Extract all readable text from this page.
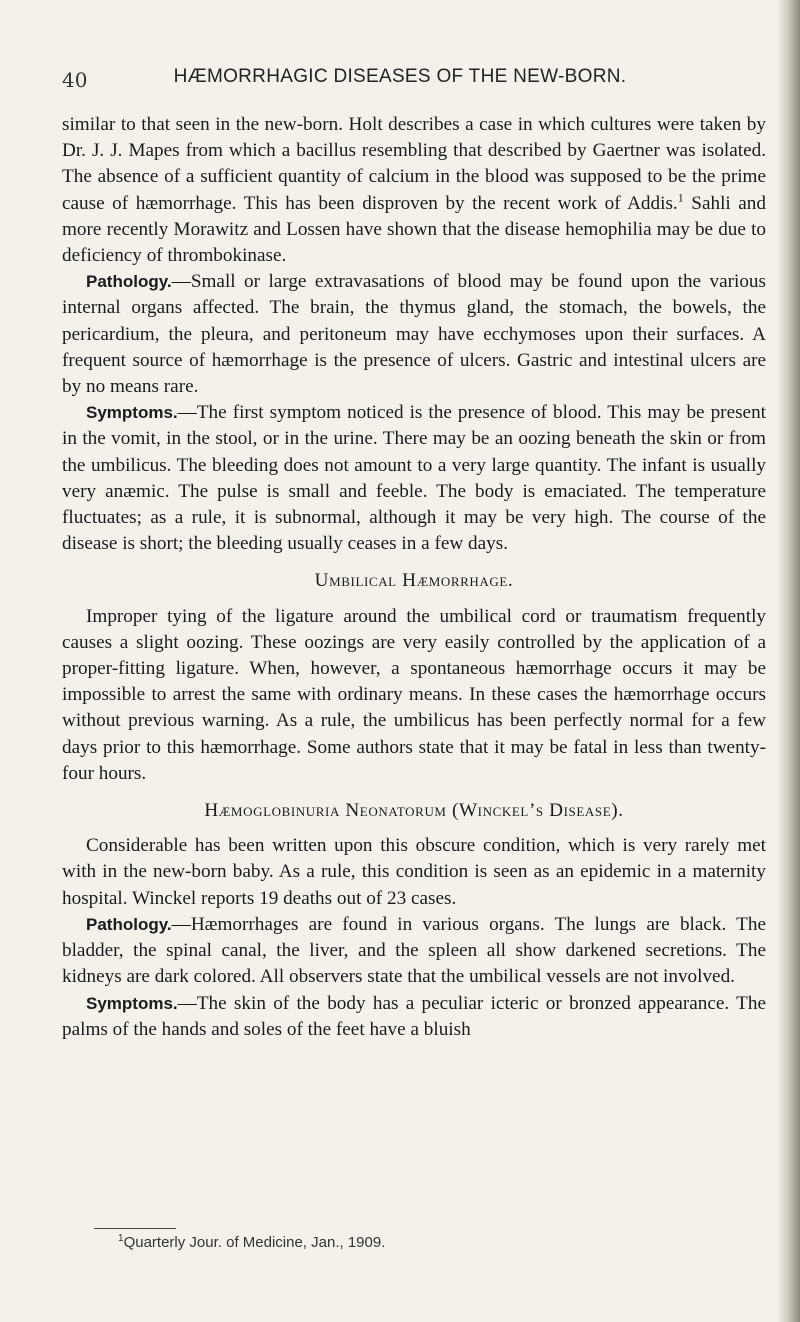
40	HÆMORRHAGIC DISEASES OF THE NEW-BORN.

similar to that seen in the new-born. Holt describes a case in which cultures were taken by Dr. J. J. Mapes from which a bacillus resembling that described by Gaertner was isolated. The absence of a sufficient quantity of calcium in the blood was supposed to be the prime cause of hæmorrhage. This has been disproven by the recent work of Addis.$^1$ Sahli and more recently Morawitz and Lossen have shown that the disease hemophilia may be due to deficiency of thrombokinase.

Pathology.—Small or large extravasations of blood may be found upon the various internal organs affected. The brain, the thymus gland, the stomach, the bowels, the pericardium, the pleura, and peritoneum may have ecchymoses upon their surfaces. A frequent source of hæmorrhage is the presence of ulcers. Gastric and intestinal ulcers are by no means rare.

Symptoms.—The first symptom noticed is the presence of blood. This may be present in the vomit, in the stool, or in the urine. There may be an oozing beneath the skin or from the umbilicus. The bleeding does not amount to a very large quantity. The infant is usually very anæmic. The pulse is small and feeble. The body is emaciated. The temperature fluctuates; as a rule, it is subnormal, although it may be very high. The course of the disease is short; the bleeding usually ceases in a few days.

Umbilical Hæmorrhage.

Improper tying of the ligature around the umbilical cord or traumatism frequently causes a slight oozing. These oozings are very easily controlled by the application of a proper-fitting ligature. When, however, a spontaneous hæmorrhage occurs it may be impossible to arrest the same with ordinary means. In these cases the hæmorrhage occurs without previous warning. As a rule, the umbilicus has been perfectly normal for a few days prior to this hæmorrhage. Some authors state that it may be fatal in less than twenty-four hours.

Hæmoglobinuria Neonatorum (Winckel’s Disease).

Considerable has been written upon this obscure condition, which is very rarely met with in the new-born baby. As a rule, this condition is seen as an epidemic in a maternity hospital. Winckel reports 19 deaths out of 23 cases.

Pathology.—Hæmorrhages are found in various organs. The lungs are black. The bladder, the spinal canal, the liver, and the spleen all show darkened secretions. The kidneys are dark colored. All observers state that the umbilical vessels are not involved.

Symptoms.—The skin of the body has a peculiar icteric or bronzed appearance. The palms of the hands and soles of the feet have a bluish

$^1$Quarterly Jour. of Medicine, Jan., 1909.
